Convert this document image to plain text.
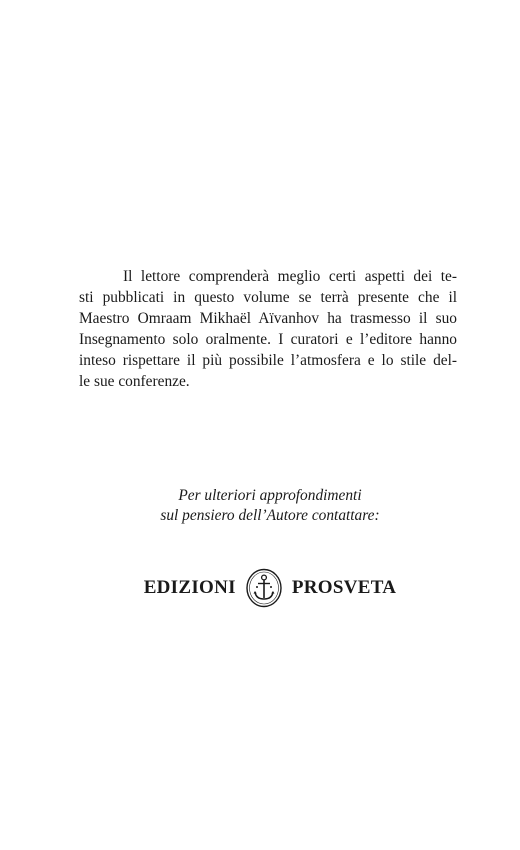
Il lettore comprenderà meglio certi aspetti dei te-
sti pubblicati in questo volume se terrà presente che il
Maestro Omraam Mikhaël Aïvanhov ha trasmesso il suo
Insegnamento solo oralmente. I curatori e l’editore hanno
inteso rispettare il più possibile l’atmosfera e lo stile del-
le sue conferenze.

Per ulteriori approfondimenti
sul pensiero dell’Autore contattare:
EDIZIONI	PROSVETA
